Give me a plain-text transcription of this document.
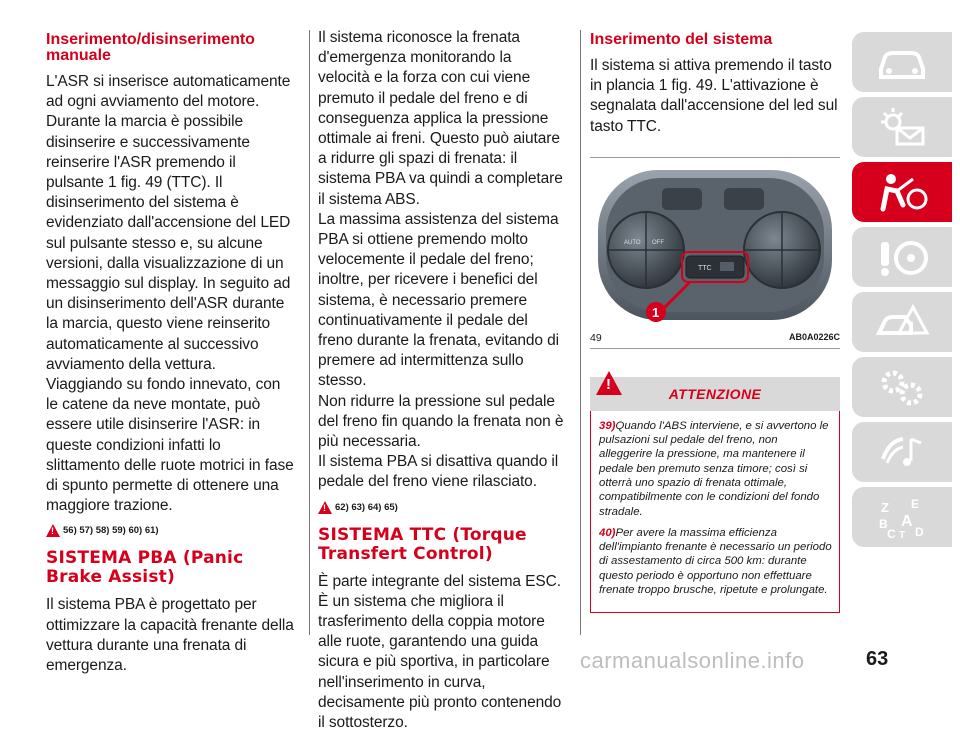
Inserimento/disinserimento manuale

L'ASR si inserisce automaticamente ad ogni avviamento del motore. Durante la marcia è possibile disinserire e successivamente reinserire l'ASR premendo il pulsante 1 fig. 49 (TTC). Il disinserimento del sistema è evidenziato dall'accensione del LED sul pulsante stesso e, su alcune versioni, dalla visualizzazione di un messaggio sul display. In seguito ad un disinserimento dell'ASR durante la marcia, questo viene reinserito automaticamente al successivo avviamento della vettura.

Viaggiando su fondo innevato, con le catene da neve montate, può essere utile disinserire l'ASR: in queste condizioni infatti lo slittamento delle ruote motrici in fase di spunto permette di ottenere una maggiore trazione.

! 56) 57) 58) 59) 60) 61)
SISTEMA PBA (Panic Brake Assist)

Il sistema PBA è progettato per ottimizzare la capacità frenante della vettura durante una frenata di emergenza.

Il sistema riconosce la frenata d'emergenza monitorando la velocità e la forza con cui viene premuto il pedale del freno e di conseguenza applica la pressione ottimale ai freni. Questo può aiutare a ridurre gli spazi di frenata: il sistema PBA va quindi a completare il sistema ABS.

La massima assistenza del sistema PBA si ottiene premendo molto velocemente il pedale del freno; inoltre, per ricevere i benefici del sistema, è necessario premere continuativamente il pedale del freno durante la frenata, evitando di premere ad intermittenza sullo stesso.

Non ridurre la pressione sul pedale del freno fin quando la frenata non è più necessaria.

Il sistema PBA si disattiva quando il pedale del freno viene rilasciato.

! 62) 63) 64) 65)
SISTEMA TTC (Torque Transfert Control)

È parte integrante del sistema ESC. È un sistema che migliora il trasferimento della coppia motore alle ruote, garantendo una guida sicura e più sportiva, in particolare nell'inserimento in curva, decisamente più pronto contenendo il sottosterzo.

Inserimento del sistema

Il sistema si attiva premendo il tasto in plancia 1 fig. 49. L'attivazione è segnalata dall'accensione del led sul tasto TTC.

AUTO OFF
TTC
1
49	AB0A0226C
!
ATTENZIONE

39)Quando l'ABS interviene, e si avvertono le pulsazioni sul pedale del freno, non alleggerire la pressione, ma mantenere il pedale ben premuto senza timore; così si otterrà uno spazio di frenata ottimale, compatibilmente con le condizioni del fondo stradale.

40)Per avere la massima efficienza dell'impianto frenante è necessario un periodo di assestamento di circa 500 km: durante questo periodo è opportuno non effettuare frenate troppo brusche, ripetute e prolungate.

!
Z E
B A
C T D
carmanualsonline.info	63
